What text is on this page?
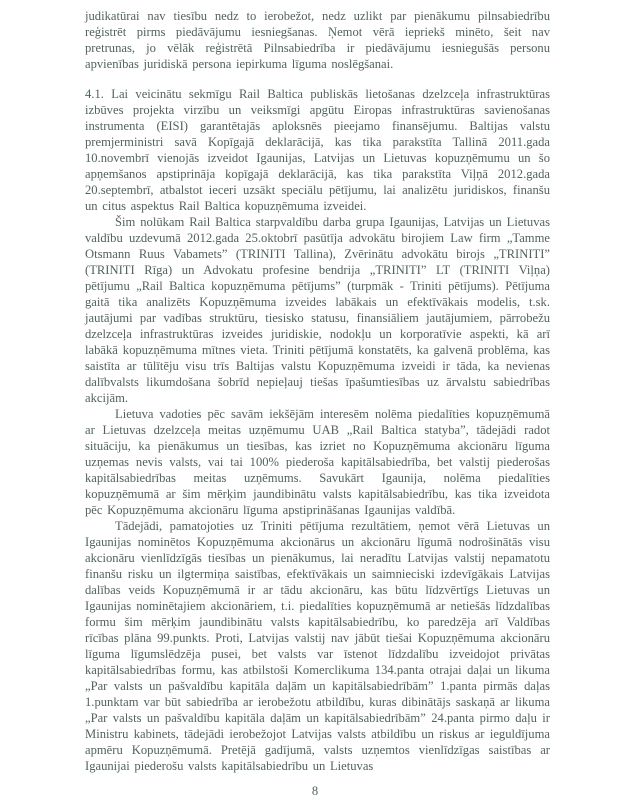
judikatūrai nav tiesību nedz to ierobežot, nedz uzlikt par pienākumu pilnsabiedrību reģistrēt pirms piedāvājumu iesniegšanas. Ņemot vērā iepriekš minēto, šeit nav pretrunas, jo vēlāk reģistrētā Pilnsabiedrība ir piedāvājumu iesniegušās personu apvienības juridiskā persona iepirkuma līguma noslēgšanai.

4.1. Lai veicinātu sekmīgu Rail Baltica publiskās lietošanas dzelzceļa infrastruktūras izbūves projekta virzību un veiksmīgi apgūtu Eiropas infrastruktūras savienošanas instrumenta (EISI) garantētajās aploksnēs pieejamo finansējumu. Baltijas valstu premjerministri savā Kopīgajā deklarācijā, kas tika parakstīta Tallinā 2011.gada 10.novembrī vienojās izveidot Igaunijas, Latvijas un Lietuvas kopuzņēmumu un šo apņemšanos apstiprināja kopīgajā deklarācijā, kas tika parakstīta Viļņā 2012.gada 20.septembrī, atbalstot ieceri uzsākt speciālu pētījumu, lai analizētu juridiskos, finanšu un citus aspektus Rail Baltica kopuzņēmuma izveidei.

Šim nolūkam Rail Baltica starpvaldību darba grupa Igaunijas, Latvijas un Lietuvas valdību uzdevumā 2012.gada 25.oktobrī pasūtīja advokātu birojiem Law firm „Tamme Otsmann Ruus Vabamets” (TRINITI Tallina), Zvērinātu advokātu birojs „TRINITI” (TRINITI Rīga) un Advokatu profesine bendrija „TRINITI” LT (TRINITI Viļņa) pētījumu „Rail Baltica kopuzņēmuma pētījums” (turpmāk - Triniti pētījums). Pētījuma gaitā tika analizēts Kopuzņēmuma izveides labākais un efektīvākais modelis, t.sk. jautājumi par vadības struktūru, tiesisko statusu, finansiāliem jautājumiem, pārrobežu dzelzceļa infrastruktūras izveides juridiskie, nodokļu un korporatīvie aspekti, kā arī labākā kopuzņēmuma mītnes vieta. Triniti pētījumā konstatēts, ka galvenā problēma, kas saistīta ar tūlītēju visu trīs Baltijas valstu Kopuzņēmuma izveidi ir tāda, ka nevienas dalībvalsts likumdošana šobrīd nepieļauj tiešas īpašumtiesības uz ārvalstu sabiedrības akcijām.

Lietuva vadoties pēc savām iekšējām interesēm nolēma piedalīties kopuzņēmumā ar Lietuvas dzelzceļa meitas uzņēmumu UAB „Rail Baltica statyba”, tādejādi radot situāciju, ka pienākumus un tiesības, kas izriet no Kopuzņēmuma akcionāru līguma uzņemas nevis valsts, vai tai 100% piederoša kapitālsabiedrība, bet valstij piederošas kapitālsabiedrības meitas uzņēmums. Savukārt Igaunija, nolēma piedalīties kopuzņēmumā ar šim mērķim jaundibinātu valsts kapitālsabiedrību, kas tika izveidota pēc Kopuzņēmuma akcionāru līguma apstiprināšanas Igaunijas valdībā.

Tādejādi, pamatojoties uz Triniti pētījuma rezultātiem, ņemot vērā Lietuvas un Igaunijas nominētos Kopuzņēmuma akcionārus un akcionāru līgumā nodrošinātās visu akcionāru vienlīdzīgās tiesības un pienākumus, lai neradītu Latvijas valstij nepamatotu finanšu risku un ilgtermiņa saistības, efektīvākais un saimnieciski izdevīgākais Latvijas dalības veids Kopuzņēmumā ir ar tādu akcionāru, kas būtu līdzvērtīgs Lietuvas un Igaunijas nominētajiem akcionāriem, t.i. piedalīties kopuzņēmumā ar netiešās līdzdalības formu šim mērķim jaundibinātu valsts kapitālsabiedrību, ko paredzēja arī Valdības rīcības plāna 99.punkts. Proti, Latvijas valstij nav jābūt tiešai Kopuzņēmuma akcionāru līguma līgumslēdzēja pusei, bet valsts var īstenot līdzdalību izveidojot privātas kapitālsabiedrības formu, kas atbilstoši Komerclikuma 134.panta otrajai daļai un likuma „Par valsts un pašvaldību kapitāla daļām un kapitālsabiedrībām” 1.panta pirmās daļas 1.punktam var būt sabiedrība ar ierobežotu atbildību, kuras dibinātājs saskaņā ar likuma „Par valsts un pašvaldību kapitāla daļām un kapitālsabiedrībām” 24.panta pirmo daļu ir Ministru kabinets, tādejādi ierobežojot Latvijas valsts atbildību un riskus ar ieguldījuma apmēru Kopuzņēmumā. Pretējā gadījumā, valsts uzņemtos vienlīdzīgas saistības ar Igaunijai piederošu valsts kapitālsabiedrību un Lietuvas

8
